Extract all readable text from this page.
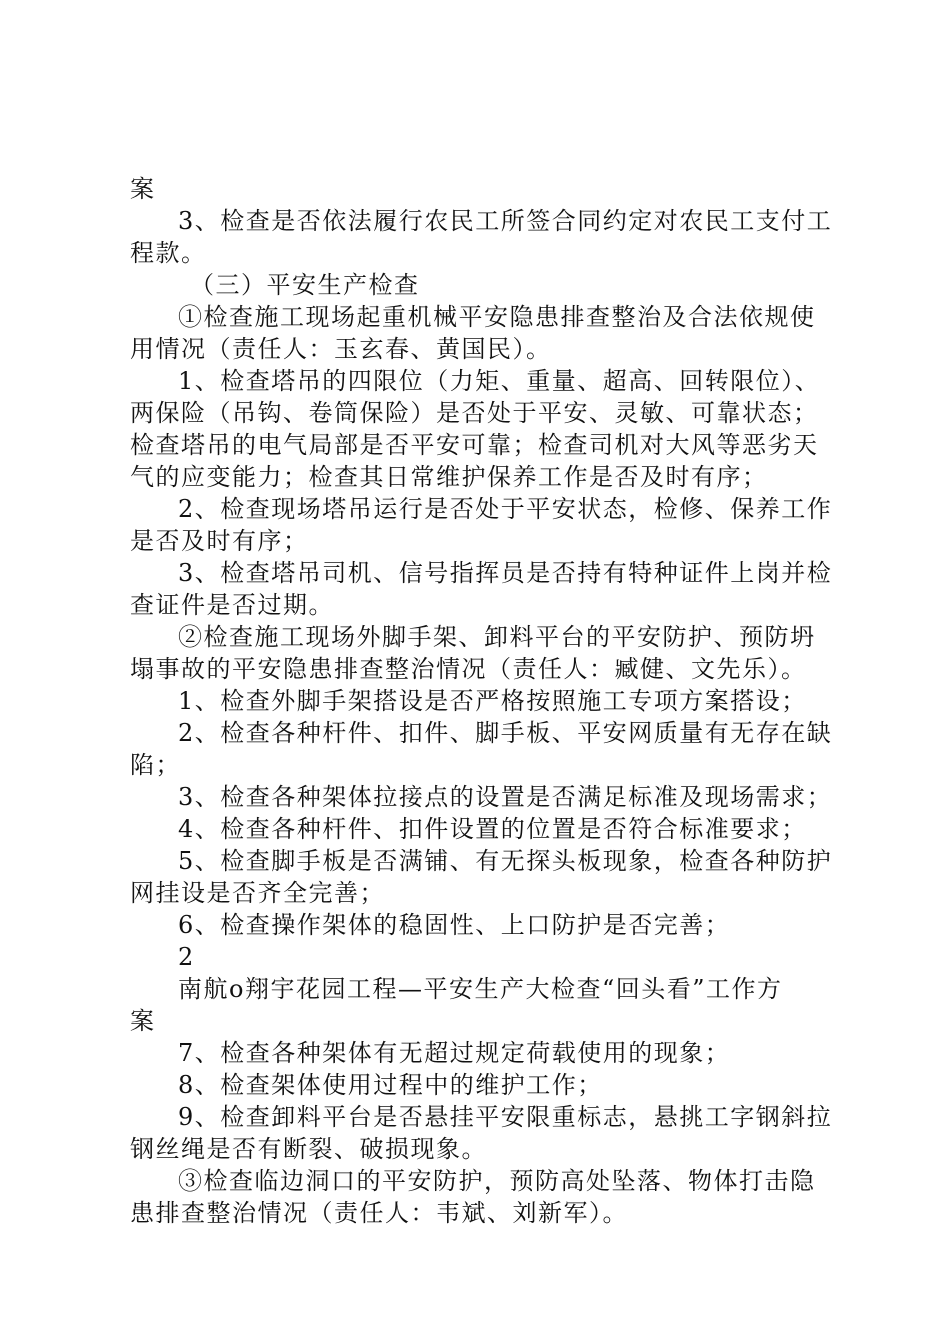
案
3、检查是否依法履行农民工所签合同约定对农民工支付工
程款。
（三）平安生产检查
①检查施工现场起重机械平安隐患排查整治及合法依规使
用情况（责任人：玉玄春、黄国民）。
1、检查塔吊的四限位（力矩、重量、超高、回转限位）、
两保险（吊钩、卷筒保险）是否处于平安、灵敏、可靠状态；
检查塔吊的电气局部是否平安可靠；检查司机对大风等恶劣天
气的应变能力；检查其日常维护保养工作是否及时有序；
2、检查现场塔吊运行是否处于平安状态，检修、保养工作
是否及时有序；
3、检查塔吊司机、信号指挥员是否持有特种证件上岗并检
查证件是否过期。
②检查施工现场外脚手架、卸料平台的平安防护、预防坍
塌事故的平安隐患排查整治情况（责任人：臧健、文先乐）。
1、检查外脚手架搭设是否严格按照施工专项方案搭设；
2、检查各种杆件、扣件、脚手板、平安网质量有无存在缺
陷；
3、检查各种架体拉接点的设置是否满足标准及现场需求；
4、检查各种杆件、扣件设置的位置是否符合标准要求；
5、检查脚手板是否满铺、有无探头板现象，检查各种防护
网挂设是否齐全完善；
6、检查操作架体的稳固性、上口防护是否完善；
2
南航o翔宇花园工程—平安生产大检查“回头看”工作方
案
7、检查各种架体有无超过规定荷载使用的现象；
8、检查架体使用过程中的维护工作；
9、检查卸料平台是否悬挂平安限重标志，悬挑工字钢斜拉
钢丝绳是否有断裂、破损现象。
③检查临边洞口的平安防护，预防高处坠落、物体打击隐
患排查整治情况（责任人：韦斌、刘新军）。
